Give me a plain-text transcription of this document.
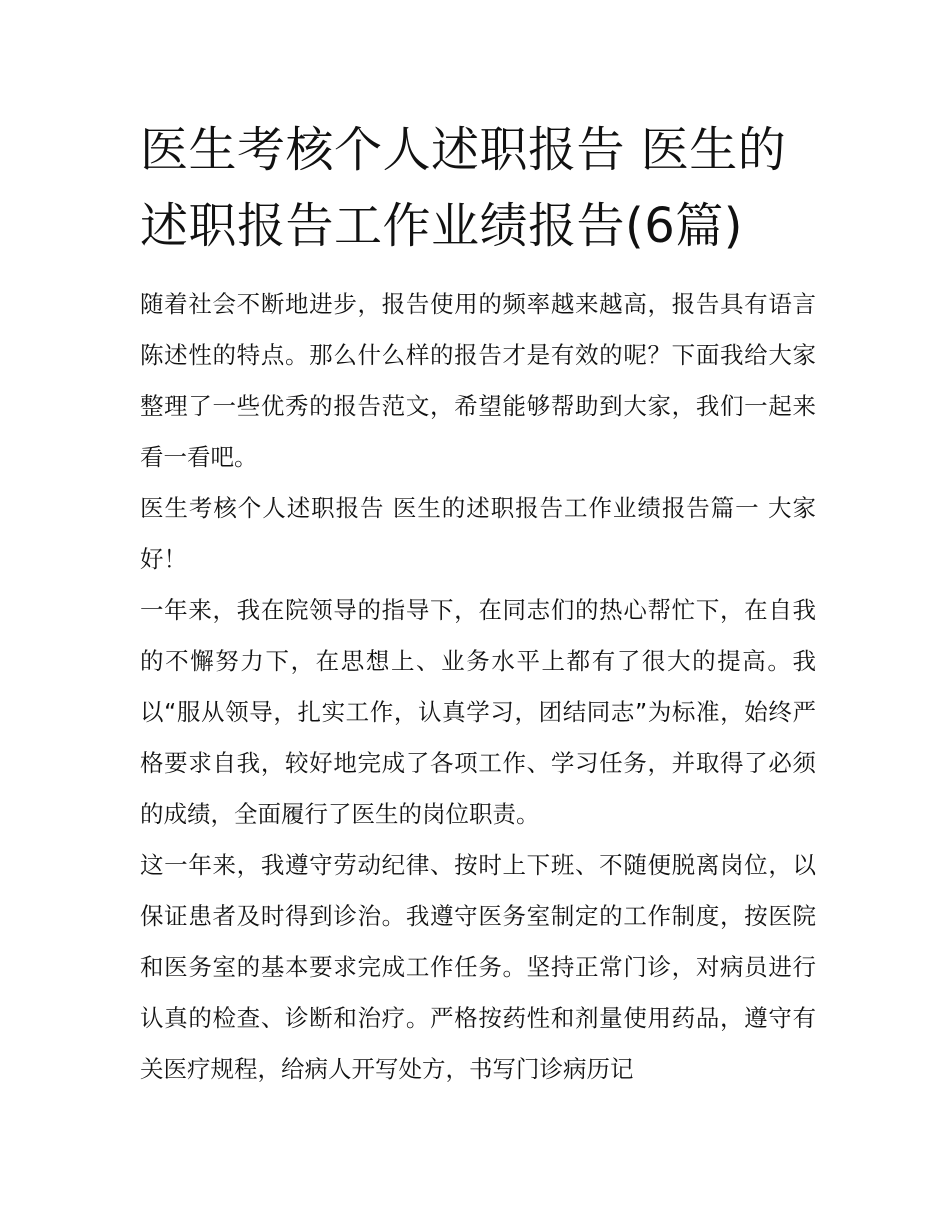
医生考核个人述职报告 医生的述职报告工作业绩报告(6篇)

随着社会不断地进步，报告使用的频率越来越高，报告具有语言陈述性的特点。那么什么样的报告才是有效的呢？下面我给大家整理了一些优秀的报告范文，希望能够帮助到大家，我们一起来看一看吧。

医生考核个人述职报告 医生的述职报告工作业绩报告篇一 大家好！

一年来，我在院领导的指导下，在同志们的热心帮忙下，在自我的不懈努力下，在思想上、业务水平上都有了很大的提高。我以“服从领导，扎实工作，认真学习，团结同志”为标准，始终严格要求自我，较好地完成了各项工作、学习任务，并取得了必须的成绩，全面履行了医生的岗位职责。

这一年来，我遵守劳动纪律、按时上下班、不随便脱离岗位，以保证患者及时得到诊治。我遵守医务室制定的工作制度，按医院和医务室的基本要求完成工作任务。坚持正常门诊，对病员进行认真的检查、诊断和治疗。严格按药性和剂量使用药品，遵守有关医疗规程，给病人开写处方，书写门诊病历记
